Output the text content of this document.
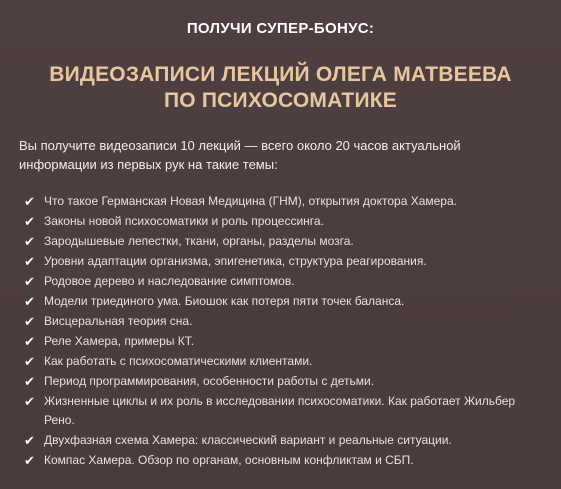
ПОЛУЧИ СУПЕР-БОНУС:
ВИДЕОЗАПИСИ ЛЕКЦИЙ ОЛЕГА МАТВЕЕВА
ПО ПСИХОСОМАТИКЕ
Вы получите видеозаписи 10 лекций — всего около 20 часов актуальной
информации из первых рук на такие темы:
✔ Что такое Германская Новая Медицина (ГНМ), открытия доктора Хамера.
✔ Законы новой психосоматики и роль процессинга.
✔ Зародышевые лепестки, ткани, органы, разделы мозга.
✔ Уровни адаптации организма, эпигенетика, структура реагирования.
✔ Родовое дерево и наследование симптомов.
✔ Модели триединого ума. Биошок как потеря пяти точек баланса.
✔ Висцеральная теория сна.
✔ Реле Хамера, примеры КТ.
✔ Как работать с психосоматическими клиентами.
✔ Период программирования, особенности работы с детьми.
✔ Жизненные циклы и их роль в исследовании психосоматики. Как работает Жильбер Рено.
✔ Двухфазная схема Хамера: классический вариант и реальные ситуации.
✔ Компас Хамера. Обзор по органам, основным конфликтам и СБП.
